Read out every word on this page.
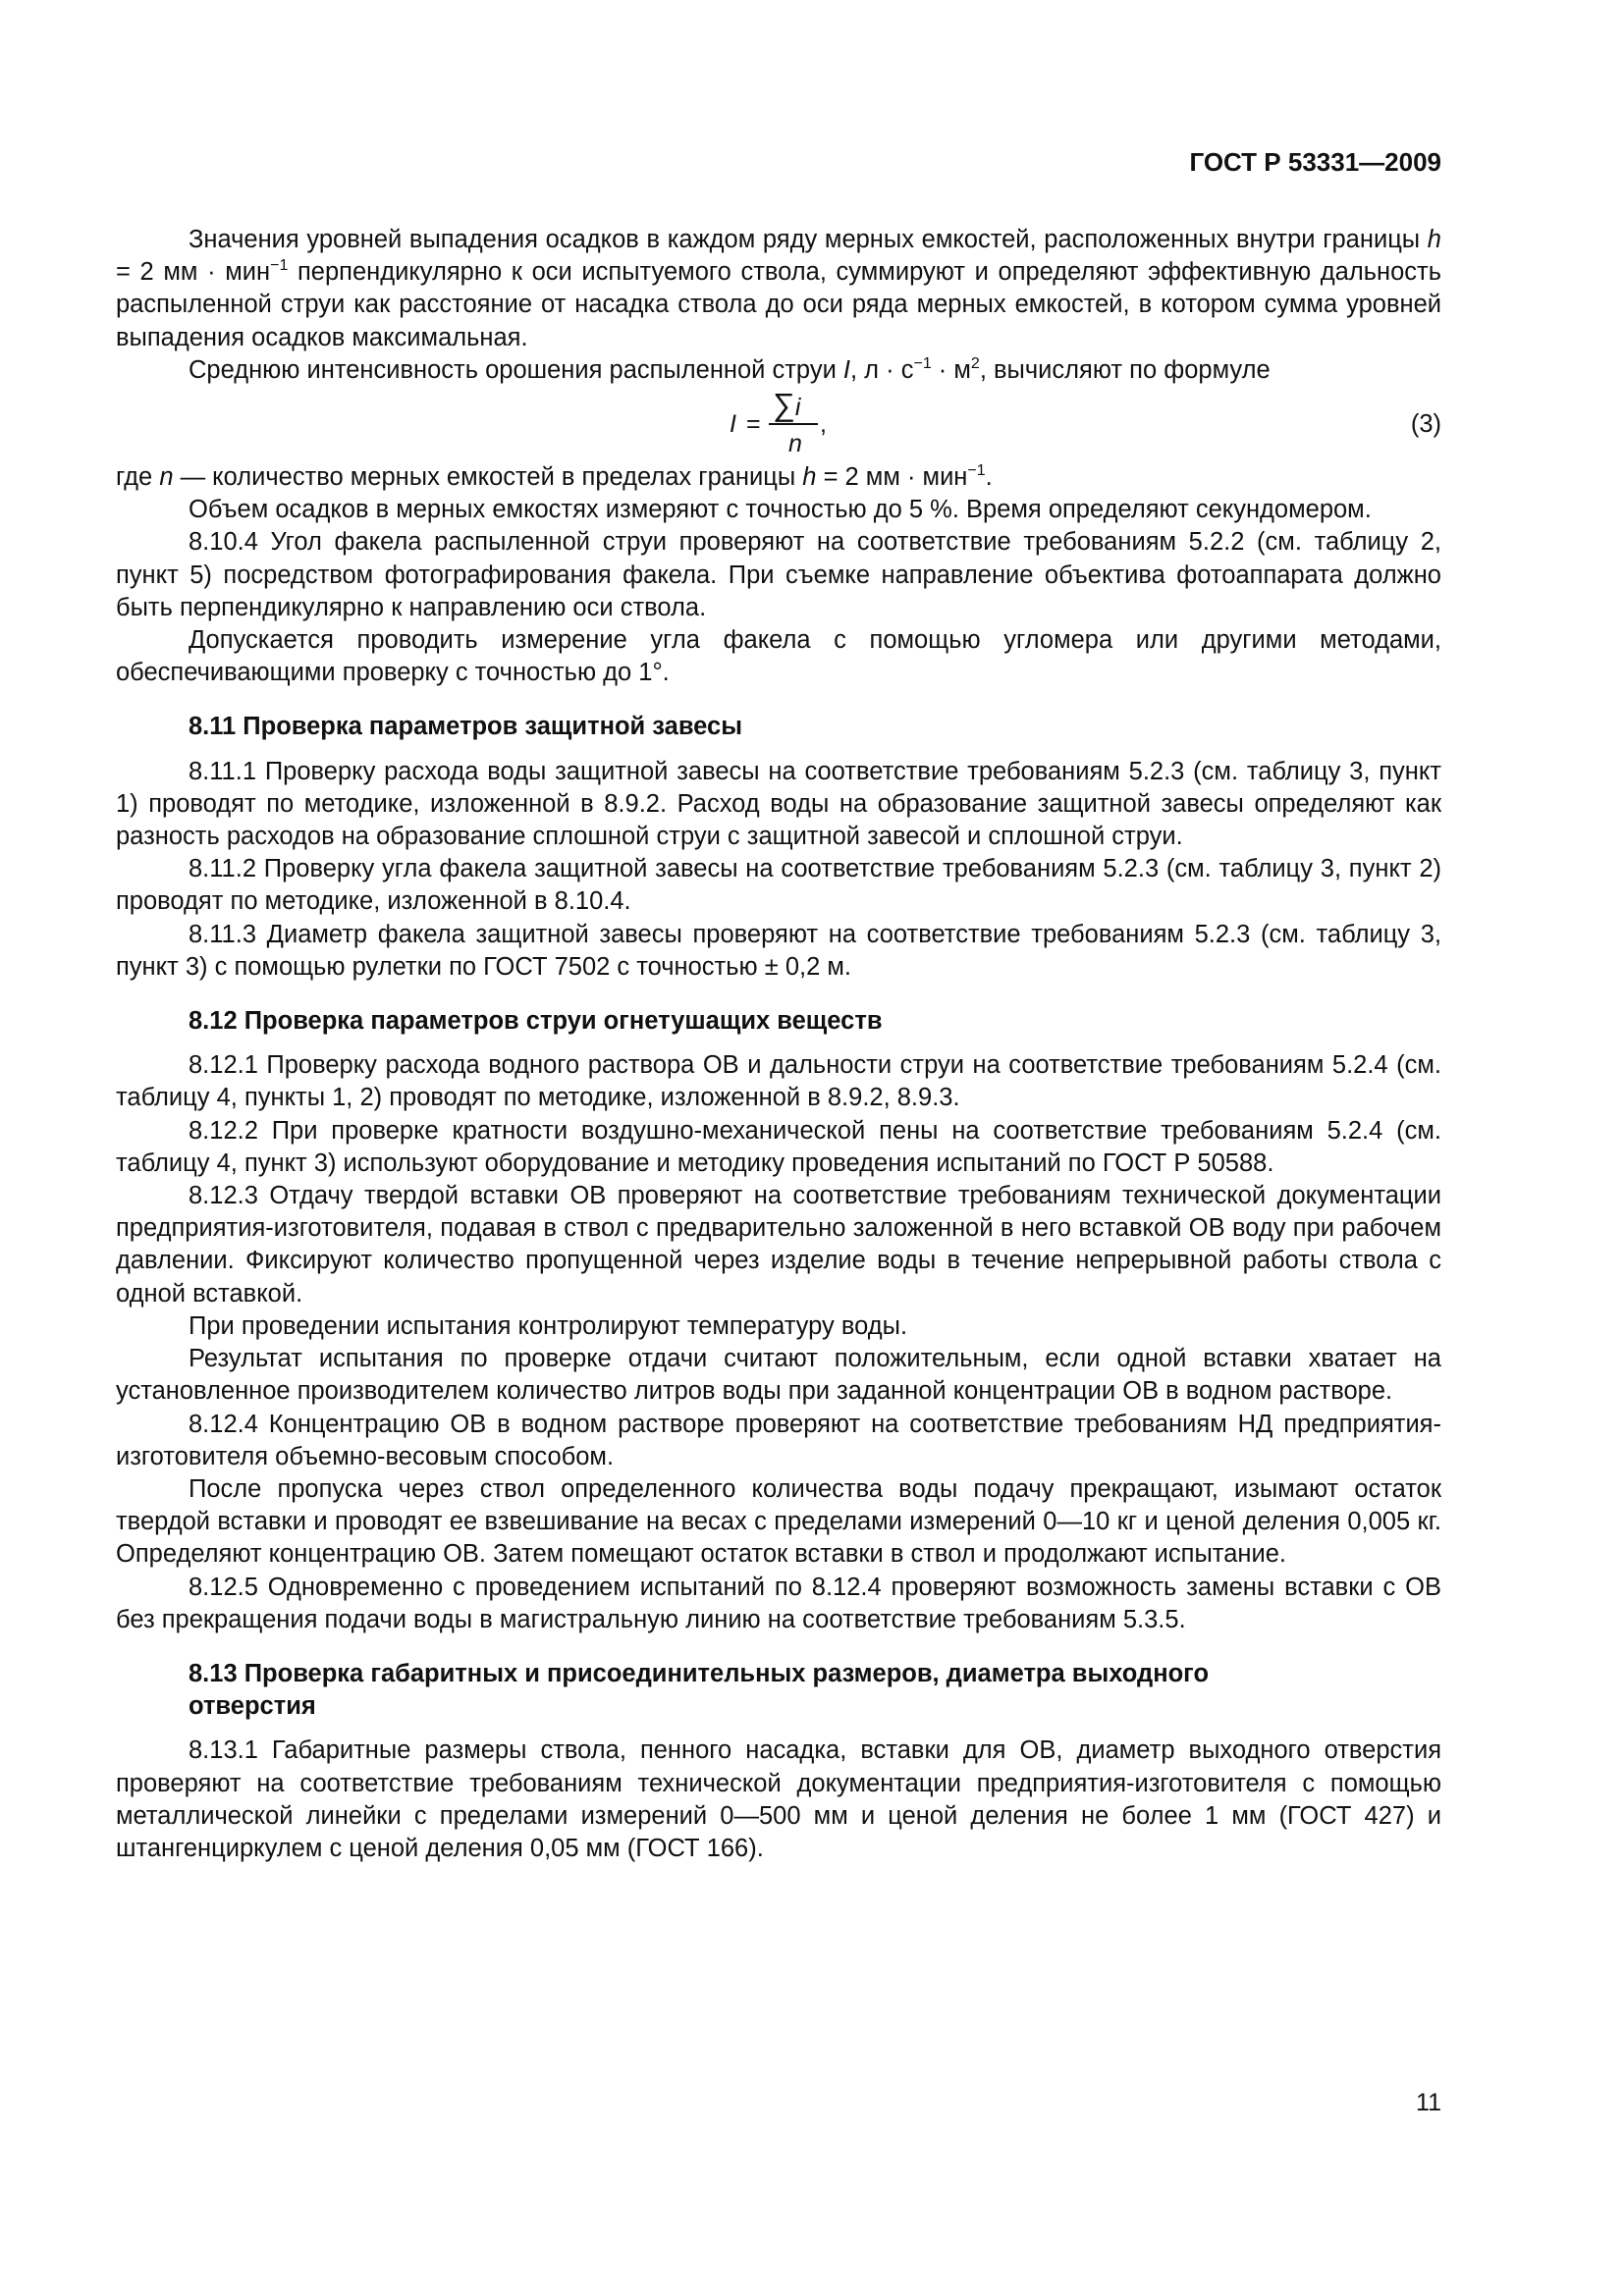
ГОСТ Р 53331—2009

Значения уровней выпадения осадков в каждом ряду мерных емкостей, расположенных внутри границы h = 2 мм · мин$^{-1}$ перпендикулярно к оси испытуемого ствола, суммируют и определяют эффективную дальность распыленной струи как расстояние от насадка ствола до оси ряда мерных емкостей, в котором сумма уровней выпадения осадков максимальная.

Среднюю интенсивность орошения распыленной струи I, $л \cdot с^{-1} \cdot м^2$, вычисляют по формуле

I =
∑i
n
,	(3)

где n — количество мерных емкостей в пределах границы h = 2 мм · мин$^{-1}$.

Объем осадков в мерных емкостях измеряют с точностью до 5 %. Время определяют секундомером.

8.10.4 Угол факела распыленной струи проверяют на соответствие требованиям 5.2.2 (см. таблицу 2, пункт 5) посредством фотографирования факела. При съемке направление объектива фотоаппарата должно быть перпендикулярно к направлению оси ствола.

Допускается проводить измерение угла факела с помощью угломера или другими методами, обеспечивающими проверку с точностью до 1°.

8.11 Проверка параметров защитной завесы

8.11.1 Проверку расхода воды защитной завесы на соответствие требованиям 5.2.3 (см. таблицу 3, пункт 1) проводят по методике, изложенной в 8.9.2. Расход воды на образование защитной завесы определяют как разность расходов на образование сплошной струи с защитной завесой и сплошной струи.

8.11.2 Проверку угла факела защитной завесы на соответствие требованиям 5.2.3 (см. таблицу 3, пункт 2) проводят по методике, изложенной в 8.10.4.

8.11.3 Диаметр факела защитной завесы проверяют на соответствие требованиям 5.2.3 (см. таблицу 3, пункт 3) с помощью рулетки по ГОСТ 7502 с точностью ± 0,2 м.

8.12 Проверка параметров струи огнетушащих веществ

8.12.1 Проверку расхода водного раствора ОВ и дальности струи на соответствие требованиям 5.2.4 (см. таблицу 4, пункты 1, 2) проводят по методике, изложенной в 8.9.2, 8.9.3.

8.12.2 При проверке кратности воздушно-механической пены на соответствие требованиям 5.2.4 (см. таблицу 4, пункт 3) используют оборудование и методику проведения испытаний по ГОСТ Р 50588.

8.12.3 Отдачу твердой вставки ОВ проверяют на соответствие требованиям технической документации предприятия-изготовителя, подавая в ствол с предварительно заложенной в него вставкой ОВ воду при рабочем давлении. Фиксируют количество пропущенной через изделие воды в течение непрерывной работы ствола с одной вставкой.

При проведении испытания контролируют температуру воды.

Результат испытания по проверке отдачи считают положительным, если одной вставки хватает на установленное производителем количество литров воды при заданной концентрации ОВ в водном растворе.

8.12.4 Концентрацию ОВ в водном растворе проверяют на соответствие требованиям НД предприятия-изготовителя объемно-весовым способом.

После пропуска через ствол определенного количества воды подачу прекращают, изымают остаток твердой вставки и проводят ее взвешивание на весах с пределами измерений 0—10 кг и ценой деления 0,005 кг. Определяют концентрацию ОВ. Затем помещают остаток вставки в ствол и продолжают испытание.

8.12.5 Одновременно с проведением испытаний по 8.12.4 проверяют возможность замены вставки с ОВ без прекращения подачи воды в магистральную линию на соответствие требованиям 5.3.5.

8.13 Проверка габаритных и присоединительных размеров, диаметра выходного
отверстия

8.13.1 Габаритные размеры ствола, пенного насадка, вставки для ОВ, диаметр выходного отверстия проверяют на соответствие требованиям технической документации предприятия-изготовителя с помощью металлической линейки с пределами измерений 0—500 мм и ценой деления не более 1 мм (ГОСТ 427) и штангенциркулем с ценой деления 0,05 мм (ГОСТ 166).

11
